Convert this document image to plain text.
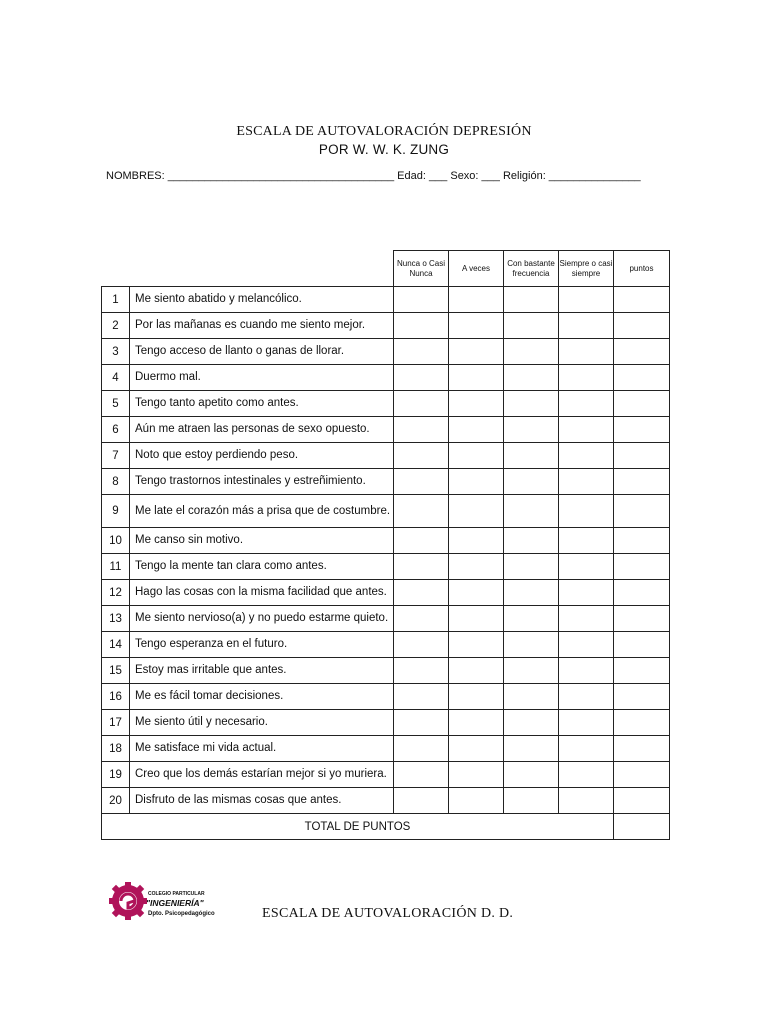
ESCALA DE AUTOVALORACIÓN DEPRESIÓN
POR W. W. K. ZUNG
NOMBRES: _____________________________________ Edad: ___ Sexo: ___ Religión: _______________
		Nunca o Casi Nunca	A veces	Con bastante frecuencia	Siempre o casi siempre	puntos
1	Me siento abatido y melancólico.					
2	Por las mañanas es cuando me siento mejor.					
3	Tengo acceso de llanto o ganas de llorar.					
4	Duermo mal.					
5	Tengo tanto apetito como antes.					
6	Aún me atraen las personas de sexo opuesto.					
7	Noto que estoy perdiendo peso.					
8	Tengo trastornos intestinales y estreñimiento.					
9	Me late el corazón más a prisa que de costumbre.					
10	Me canso sin motivo.					
11	Tengo la mente tan clara como antes.					
12	Hago las cosas con la misma facilidad que antes.					
13	Me siento nervioso(a) y no puedo estarme quieto.					
14	Tengo esperanza en el futuro.					
15	Estoy mas irritable que antes.					
16	Me es fácil tomar decisiones.					
17	Me siento útil y necesario.					
18	Me satisface mi vida actual.					
19	Creo que los demás estarían mejor si yo muriera.					
20	Disfruto de las mismas cosas que antes.					
TOTAL DE PUNTOS						
COLEGIO PARTICULAR
"INGENIERÍA"
Dpto. Psicopedagógico	ESCALA DE AUTOVALORACIÓN D. D.
